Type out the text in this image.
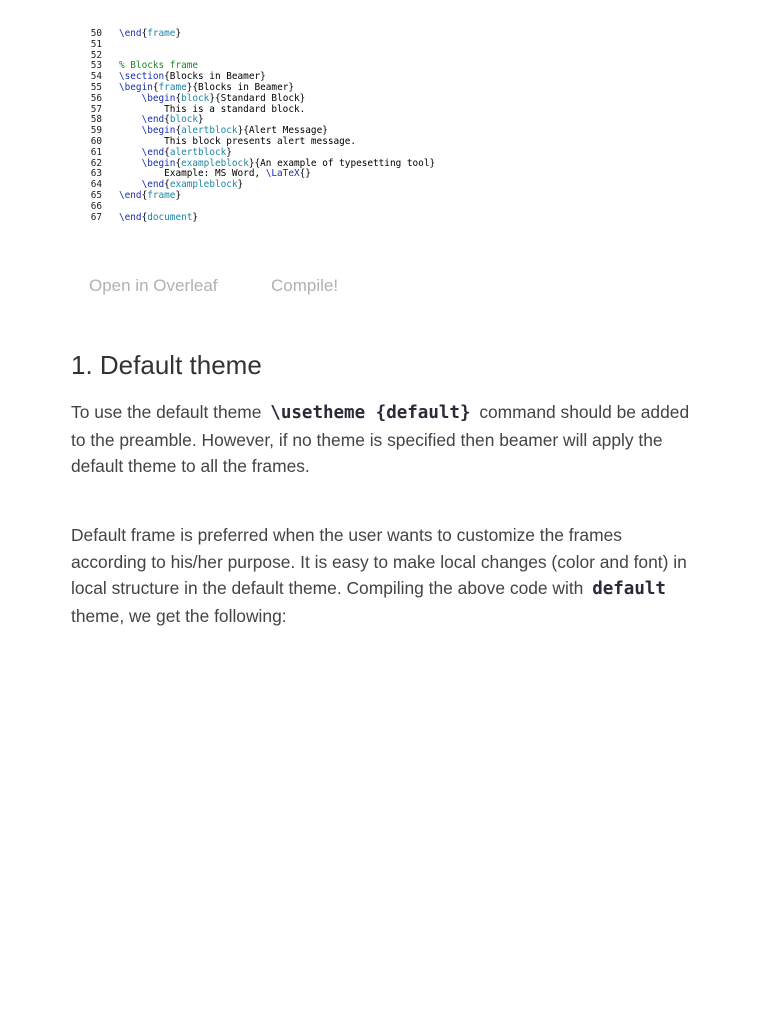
50 \end{frame}
51
52
53 % Blocks frame
54 \section{Blocks in Beamer}
55 \begin{frame}{Blocks in Beamer}
56	\begin{block}{Standard Block}
57        This is a standard block.
58	\end{block}
59	\begin{alertblock}{Alert Message}
60        This block presents alert message.
61	\end{alertblock}
62	\begin{exampleblock}{An example of typesetting tool}
63        Example: MS Word, \LaTeX{}
64	\end{exampleblock}
65 \end{frame}
66
67 \end{document}
Open in Overleaf	Compile!
1. Default theme

To use the default theme \usetheme {default} command should be added to the preamble. However, if no theme is specified then beamer will apply the default theme to all the frames.

Default frame is preferred when the user wants to customize the frames according to his/her purpose. It is easy to make local changes (color and font) in local structure in the default theme. Compiling the above code with default theme, we get the following:
